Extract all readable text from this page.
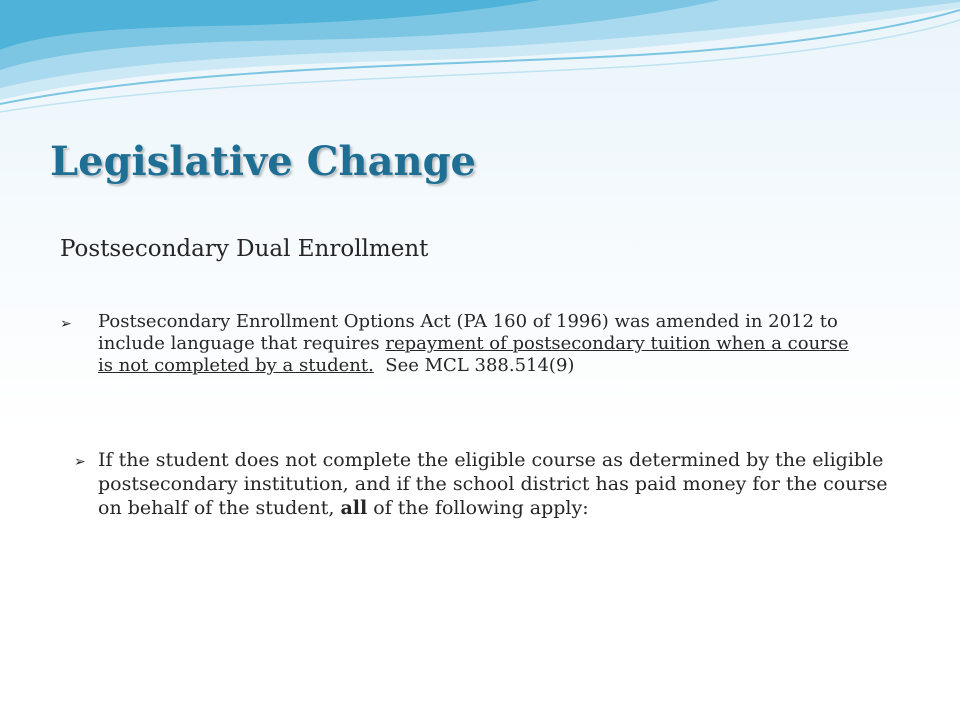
Legislative Change
Postsecondary Dual Enrollment
➢	Postsecondary Enrollment Options Act (PA 160 of 1996) was amended in 2012 to include language that requires repayment of postsecondary tuition when a course is not completed by a student.  See MCL 388.514(9)
➢ If the student does not complete the eligible course as determined by the eligible postsecondary institution, and if the school district has paid money for the course on behalf of the student, all of the following apply:
